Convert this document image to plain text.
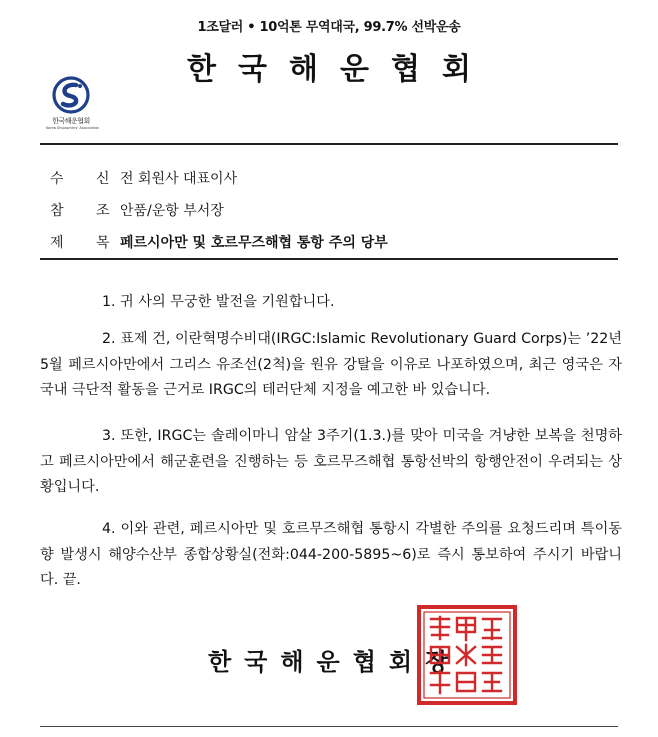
1조달러 • 10억톤 무역대국, 99.7% 선박운송
한국해운협회
한국해운협회
Korea Shipowners' Association
수	신 전 회원사 대표이사
참	조 안품/운항 부서장
제	목 페르시아만 및 호르무즈해협 통항 주의 당부

1. 귀 사의 무궁한 발전을 기원합니다.

2. 표제 건, 이란혁명수비대(IRGC:Islamic Revolutionary Guard Corps)는 ’22년 5월 페르시아만에서 그리스 유조선(2척)을 원유 강탈을 이유로 나포하였으며, 최근 영국은 자국내 극단적 활동을 근거로 IRGC의 테러단체 지정을 예고한 바 있습니다.

3. 또한, IRGC는 솔레이마니 암살 3주기(1.3.)를 맞아 미국을 겨냥한 보복을 천명하고 페르시아만에서 해군훈련을 진행하는 등 호르무즈해협 통항선박의 항행안전이 우려되는 상황입니다.

4. 이와 관련, 페르시아만 및 호르무즈해협 통항시 각별한 주의를 요청드리며 특이동향 발생시 해양수산부 종합상황실(전화:044-200-5895~6)로 즉시 통보하여 주시기 바랍니다. 끝.

한국해운협회장
